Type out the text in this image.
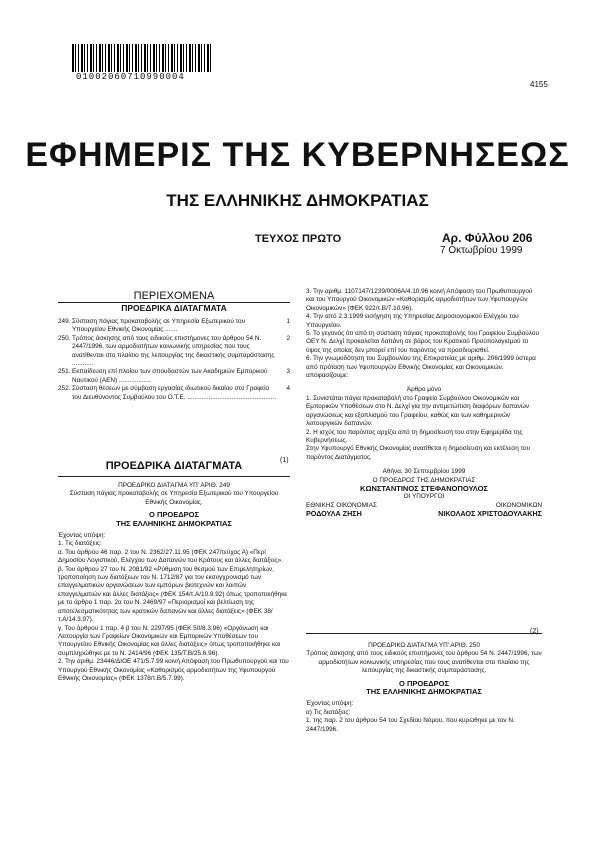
01002060710990004
4155
ΕΦΗΜΕΡΙΣ ΤΗΣ ΚΥΒΕΡΝΗΣΕΩΣ
ΤΗΣ ΕΛΛΗΝΙΚΗΣ ΔΗΜΟΚΡΑΤΙΑΣ
ΤΕΥΧΟΣ ΠΡΩΤΟ	Αρ. Φύλλου 206
7 Οκτωβρίου 1999
ΠΕΡΙΕΧΟΜΕΝΑ
ΠΡΟΕΔΡΙΚΑ ΔΙΑΤΑΓΜΑΤΑ
249. Σύσταση πάγιας προκαταβολής σε Υπηρεσία Εξωτερικού του Υπουργείου Εθνικής Οικονομίας .......
1
250. Τρόπος άσκησης από τους ειδικούς επιστήμονες του άρθρου 54 Ν. 2447/1996, των αρμοδιοτήτων κοινωνικής υπηρεσίας που τους ανατίθενται στο πλαίσιο της λειτουργίας της δικαστικής συμπαράστασης ............
2
251. Εκπαίδευση επί πλοίου των σπουδαστών των Ακαδημιών Εμπορικού Ναυτικού (ΑΕΝ) ..................
3
252. Σύσταση θέσεων με σύμβαση εργασίας ιδιωτικού δικαίου στο Γραφείο του Διευθύνοντος Συμβούλου του Ο.Τ.Ε. ..................................................
4
ΠΡΟΕΔΡΙΚΑ ΔΙΑΤΑΓΜΑΤΑ	(1)

ΠΡΟΕΔΡΙΚΟ ΔΙΑΤΑΓΜΑ ΥΠ' ΑΡΙΘ. 249

Σύσταση πάγιας προκαταβολής σε Υπηρεσία Εξωτερικού του Υπουργείου Εθνικής Οικονομίας.

Ο ΠΡΟΕΔΡΟΣ

ΤΗΣ ΕΛΛΗΝΙΚΗΣ ΔΗΜΟΚΡΑΤΙΑΣ

Έχοντας υπόψη:

1. Τις διατάξεις:

α. Του άρθρου 46 παρ. 2 του Ν. 2362/27.11.95 (ΦΕΚ 247/τεύχος Α) «Περί Δημοσίου Λογιστικού, Ελέγχου των Δαπανών του Κράτους και άλλες διατάξεις».

β. Του άρθρου 27 του Ν. 2081/92 «Ρύθμιση του θεσμού των Επιμελητηρίων, τροποποίηση των διατάξεων του Ν. 1712/87 για τον εκσυγχρονισμό των επαγγελματικών οργανώσεων των εμπόρων βιοτεχνών και λοιπών επαγγελματιών και άλλες διατάξεις» (ΦΕΚ 154/τ.Α/10.9.92) όπως τροποποιήθηκε με το άρθρο 1 παρ. 2α του Ν. 2469/97 «Περιορισμοί και βελτίωση της αποτελεσματικότητας των κρατικών δαπανών και άλλες διατάξεις» (ΦΕΚ 38/τ.Α/14.3.97).

γ. Του άρθρου 1 παρ. 4 β του Ν. 2297/95 (ΦΕΚ 50/8.3.96) «Οργάνωση και Λειτουργία των Γραφείων Οικονομικών και Εμπορικών Υποθέσεων του Υπουργείου Εθνικής Οικονομίας και άλλες διατάξεις» όπως τροποποιήθηκε και συμπληρώθηκε με το Ν. 2414/96 (ΦΕΚ 135/Τ.Β/25.6.96).

2. Την αριθμ. 23446/ΔΙΟΕ 471/5.7.99 κοινή Απόφαση του Πρωθυπουργού και του Υπουργού Εθνικής Οικονομίας «Καθορισμός αρμοδιοτήτων της Υφυπουργού Εθνικής Οικονομίας» (ΦΕΚ 1378/τ.Β/5.7.99).

3. Την αριθμ. 1107147/1239/0006Α/4.10.96 κοινή Απόφαση του Πρωθυπουργού και του Υπουργού Οικονομικών «Καθορισμός αρμοδιοτήτων των Υφυπουργών Οικονομικών» (ΦΕΚ 922/τ.Β/7.10.96).

4. Την από 2.3.1999 εισήγηση της Υπηρεσίας Δημοσιονομικού Ελέγχου του Υπουργείου.

5. Το γεγονός ότι από τη σύσταση πάγιας προκαταβολής του Γραφείου Συμβούλου ΟΕΥ Ν. Δελχί προκαλείται δαπάνη σε βάρος του Κρατικού Προϋπολογισμού το ύψος της οποίας δεν μπορεί επί του παρόντος να προσδιορισθεί.

6. Την γνωμοδότηση του Συμβουλίου της Επικρατείας με αριθμ. 206/1999 ύστερα από πρόταση των Υφυπουργών Εθνικής Οικονομίας και Οικονομικών, αποφασίζουμε:

Άρθρο μόνο

1. Συνιστάται πάγια προκαταβολή στο Γραφείο Συμβούλου Οικονομικών και Εμπορικών Υποθέσεων στο Ν. Δελχί για την αντιμετώπιση διαφόρων δαπανών οργανώσεως και εξοπλισμού του Γραφείου, καθώς και των καθημερινών λειτουργικών δαπανών.

2. Η ισχύς του παρόντος αρχίζει από τη δημοσίευσή του στην Εφημερίδα της Κυβερνήσεως.

Στην Υφυπουργό Εθνικής Οικονομίας ανατίθεται η δημοσίευση και εκτέλεση του παρόντος Διατάγματος.

Αθήνα, 30 Σεπτεμβρίου 1999

Ο ΠΡΟΕΔΡΟΣ ΤΗΣ ΔΗΜΟΚΡΑΤΙΑΣ

ΚΩΝΣΤΑΝΤΙΝΟΣ ΣΤΕΦΑΝΟΠΟΥΛΟΣ

ΟΙ ΥΠΟΥΡΓΟΙ

ΕΘΝΙΚΗΣ ΟΙΚΟΝΟΜΙΑΣ	ΟΙΚΟΝΟΜΙΚΩΝ
ΡΟΔΟΥΛΑ ΖΗΣΗ	ΝΙΚΟΛΑΟΣ ΧΡΙΣΤΟΔΟΥΛΑΚΗΣ
(2)

ΠΡΟΕΔΡΙΚΟ ΔΙΑΤΑΓΜΑ ΥΠ' ΑΡΙΘ. 250

Τρόπος άσκησης από τους ειδικούς επιστήμονες του άρθρου 54 Ν. 2447/1996, των αρμοδιοτήτων κοινωνικής υπηρεσίας που τους ανατίθενται στο πλαίσιο της λειτουργίας της δικαστικής συμπαράστασης.

Ο ΠΡΟΕΔΡΟΣ

ΤΗΣ ΕΛΛΗΝΙΚΗΣ ΔΗΜΟΚΡΑΤΙΑΣ

Έχοντας υπόψη:

α) Τις διατάξεις:

1. της παρ. 2 του άρθρου 54 του Σχεδίου Νόμου, που κυρώθηκε με τον Ν. 2447/1996.
